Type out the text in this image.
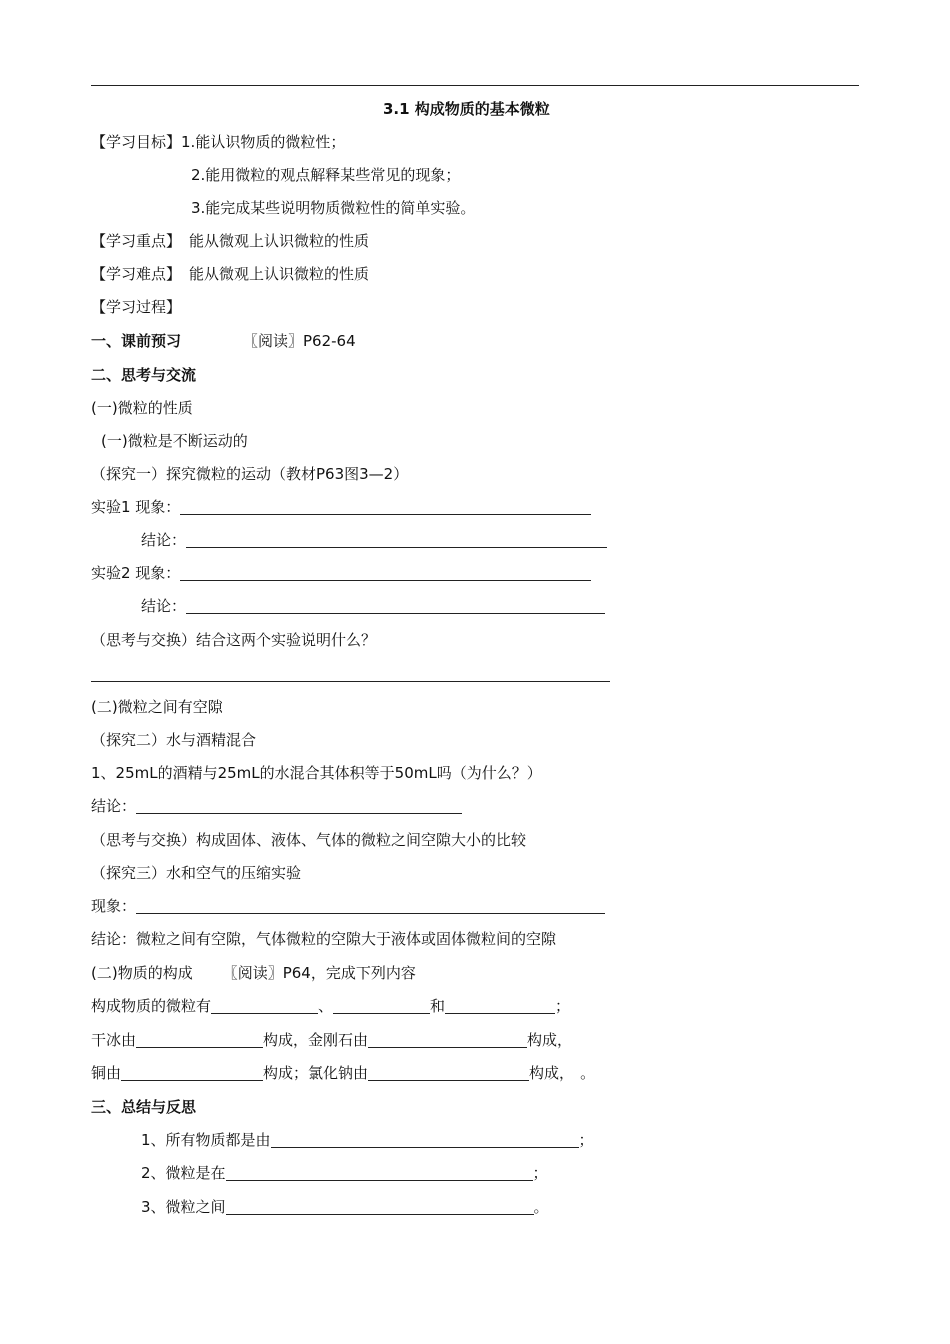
3.1 构成物质的基本微粒
【学习目标】1.能认识物质的微粒性；
2.能用微粒的观点解释某些常见的现象；
3.能完成某些说明物质微粒性的简单实验。
【学习重点】 能从微观上认识微粒的性质
【学习难点】 能从微观上认识微粒的性质
【学习过程】
一、课前预习	〖阅读〗P62-64
二、思考与交流
(一)微粒的性质
(一)微粒是不断运动的
（探究一）探究微粒的运动（教材P63图3—2）
实验1 现象：
结论：
实验2 现象：
结论：
（思考与交换）结合这两个实验说明什么？
(二)微粒之间有空隙
（探究二）水与酒精混合
1、25mL的酒精与25mL的水混合其体积等于50mL吗（为什么？）
结论：
（思考与交换）构成固体、液体、气体的微粒之间空隙大小的比较
（探究三）水和空气的压缩实验
现象：
结论：微粒之间有空隙，气体微粒的空隙大于液体或固体微粒间的空隙
(二)物质的构成 〖阅读〗P64，完成下列内容
构成物质的微粒有	、	和	；
干冰由	构成，金刚石由	构成，
铜由	构成；氯化钠由	构成， 。
三、总结与反思
1、所有物质都是由	；
2、微粒是在	；
3、微粒之间	。
